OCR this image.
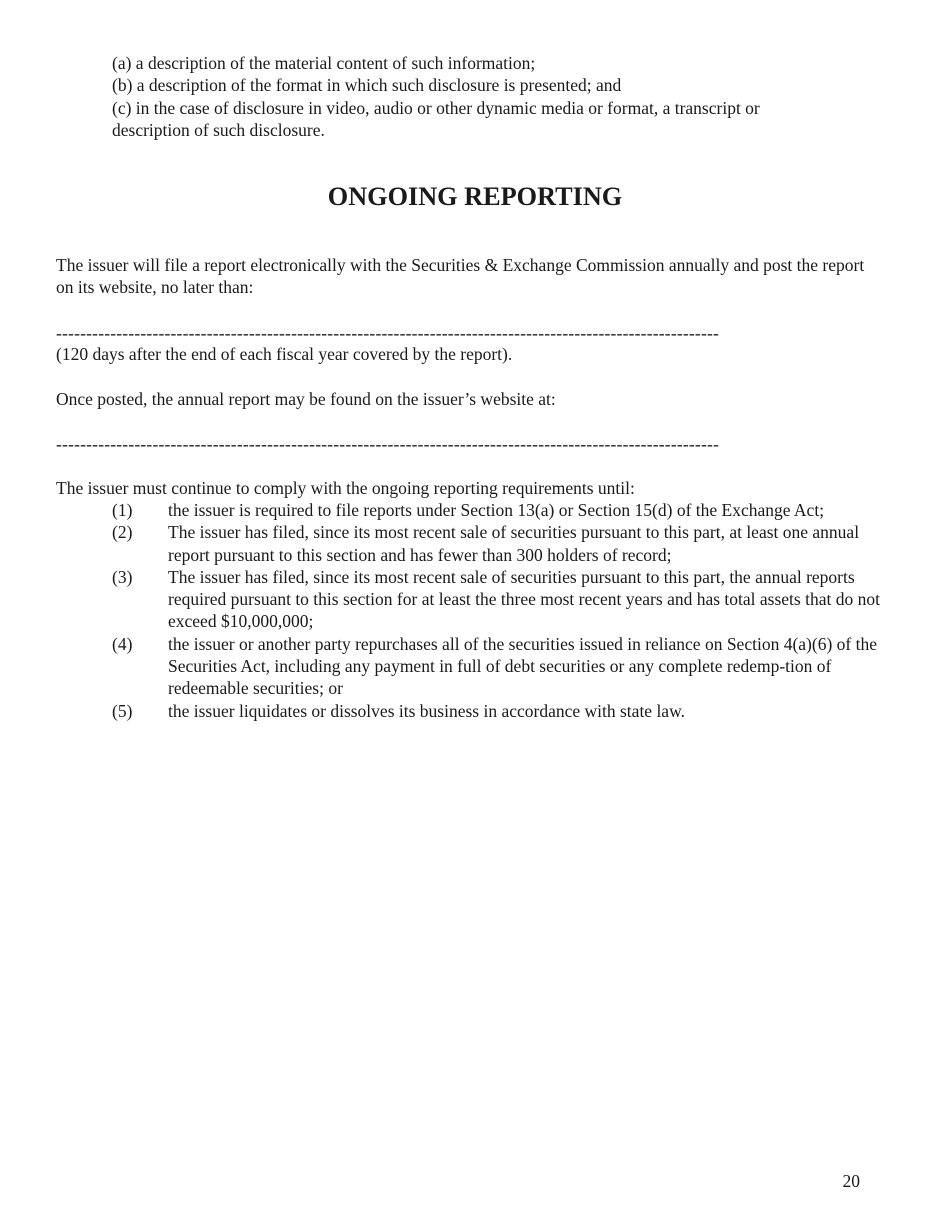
(a) a description of the material content of such information;

(b) a description of the format in which such disclosure is presented; and

(c) in the case of disclosure in video, audio or other dynamic media or format, a transcript or description of such disclosure.

ONGOING REPORTING

The issuer will file a report electronically with the Securities & Exchange Commission annually and post the report on its website, no later than:

--------------------------------------------------------------------------------------------------------------

(120 days after the end of each fiscal year covered by the report).

Once posted, the annual report may be found on the issuer’s website at:

--------------------------------------------------------------------------------------------------------------

The issuer must continue to comply with the ongoing reporting requirements until:

(1)	the issuer is required to file reports under Section 13(a) or Section 15(d) of the Exchange Act;
(2)	The issuer has filed, since its most recent sale of securities pursuant to this part, at least one annual report pursuant to this section and has fewer than 300 holders of record;
(3)	The issuer has filed, since its most recent sale of securities pursuant to this part, the annual reports required pursuant to this section for at least the three most recent years and has total assets that do not exceed $10,000,000;
(4)	the issuer or another party repurchases all of the securities issued in reliance on Section 4(a)(6) of the Securities Act, including any payment in full of debt securities or any complete redemp-tion of redeemable securities; or
(5)	the issuer liquidates or dissolves its business in accordance with state law.

20
